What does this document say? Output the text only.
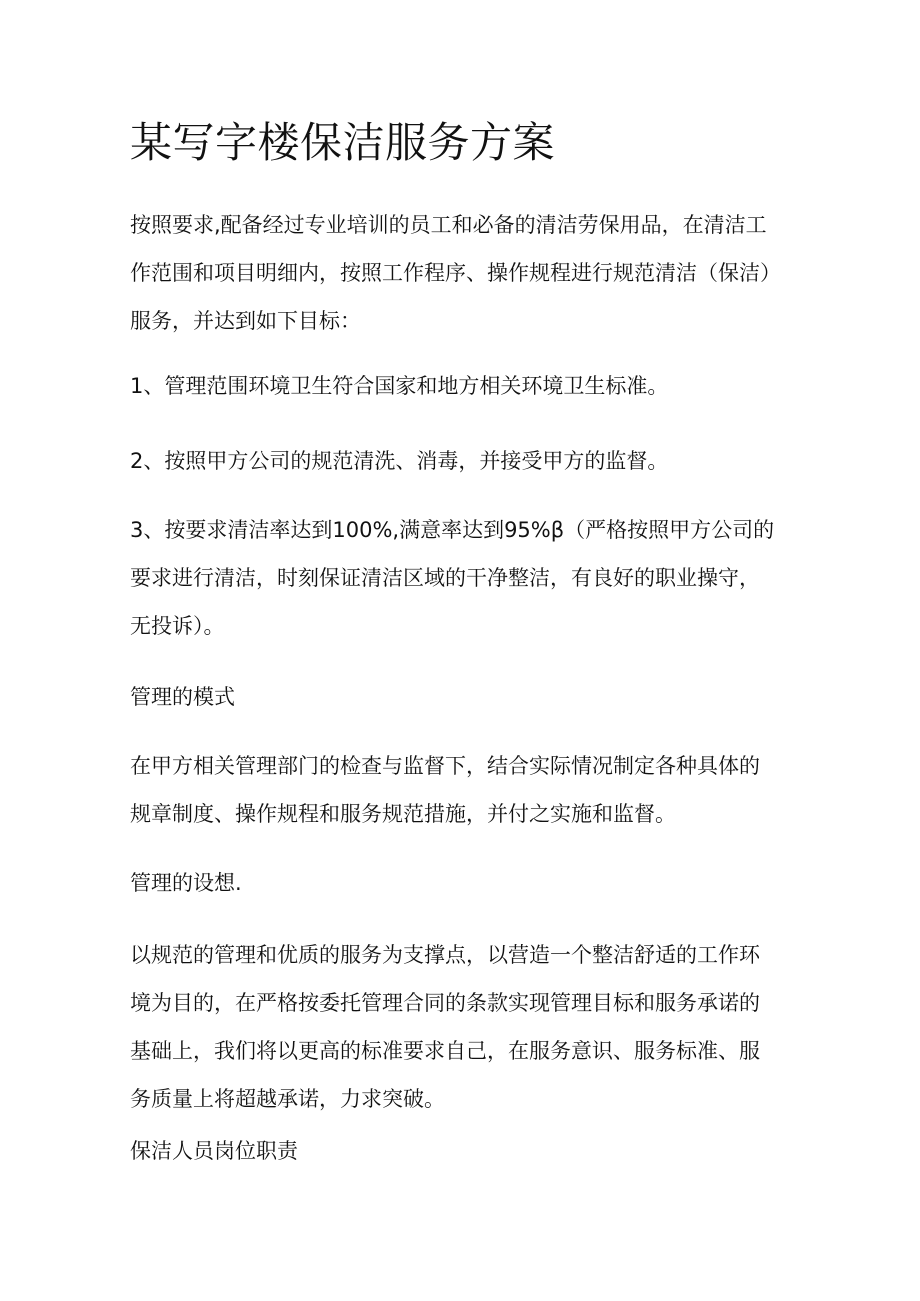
某写字楼保洁服务方案

按照要求,配备经过专业培训的员工和必备的清洁劳保用品，在清洁工

作范围和项目明细内，按照工作程序、操作规程进行规范清洁（保洁）

服务，并达到如下目标：

1、管理范围环境卫生符合国家和地方相关环境卫生标准。

2、按照甲方公司的规范清洗、消毒，并接受甲方的监督。

3、按要求清洁率达到100%,满意率达到95%β（严格按照甲方公司的

要求进行清洁，时刻保证清洁区域的干净整洁，有良好的职业操守，

无投诉）。

管理的模式

在甲方相关管理部门的检查与监督下，结合实际情况制定各种具体的

规章制度、操作规程和服务规范措施，并付之实施和监督。

管理的设想.

以规范的管理和优质的服务为支撑点，以营造一个整洁舒适的工作环

境为目的，在严格按委托管理合同的条款实现管理目标和服务承诺的

基础上，我们将以更高的标准要求自己，在服务意识、服务标准、服

务质量上将超越承诺，力求突破。

保洁人员岗位职责
